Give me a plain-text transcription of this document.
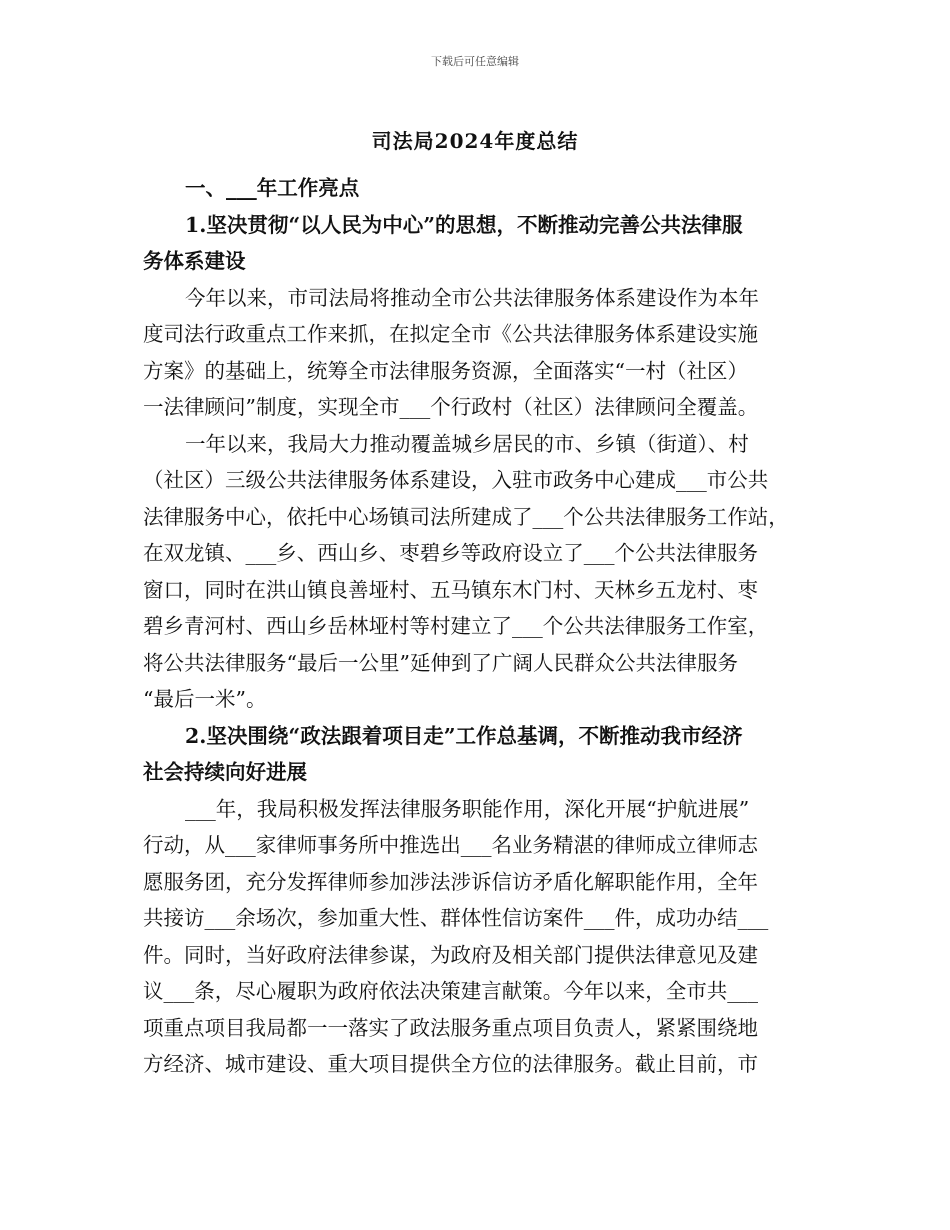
下载后可任意编辑
司法局2024年度总结
一、___年工作亮点
1.坚决贯彻“以人民为中心”的思想，不断推动完善公共法律服
务体系建设
今年以来，市司法局将推动全市公共法律服务体系建设作为本年
度司法行政重点工作来抓，在拟定全市《公共法律服务体系建设实施
方案》的基础上，统筹全市法律服务资源，全面落实“一村（社区）
一法律顾问”制度，实现全市___个行政村（社区）法律顾问全覆盖。
一年以来，我局大力推动覆盖城乡居民的市、乡镇（街道）、村
（社区）三级公共法律服务体系建设，入驻市政务中心建成___市公共
法律服务中心，依托中心场镇司法所建成了___个公共法律服务工作站，
在双龙镇、___乡、西山乡、枣碧乡等政府设立了___个公共法律服务
窗口，同时在洪山镇良善垭村、五马镇东木门村、天林乡五龙村、枣
碧乡青河村、西山乡岳林垭村等村建立了___个公共法律服务工作室，
将公共法律服务“最后一公里”延伸到了广阔人民群众公共法律服务
“最后一米”。
2.坚决围绕“政法跟着项目走”工作总基调，不断推动我市经济
社会持续向好进展
___年，我局积极发挥法律服务职能作用，深化开展“护航进展”
行动，从___家律师事务所中推选出___名业务精湛的律师成立律师志
愿服务团，充分发挥律师参加涉法涉诉信访矛盾化解职能作用，全年
共接访___余场次，参加重大性、群体性信访案件___件，成功办结___
件。同时，当好政府法律参谋，为政府及相关部门提供法律意见及建
议___条，尽心履职为政府依法决策建言献策。今年以来，全市共___
项重点项目我局都一一落实了政法服务重点项目负责人，紧紧围绕地
方经济、城市建设、重大项目提供全方位的法律服务。截止目前，市
